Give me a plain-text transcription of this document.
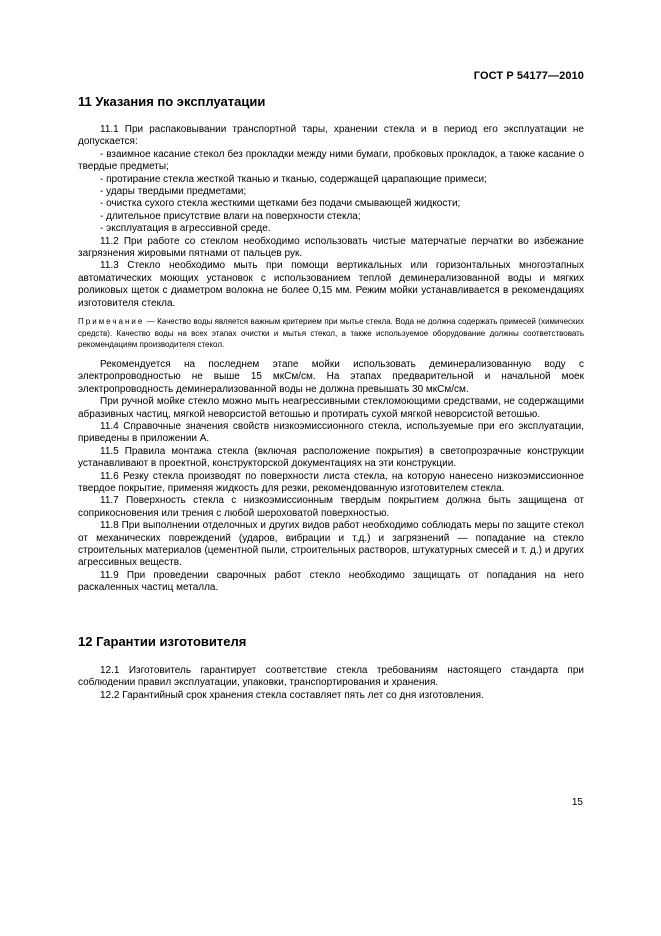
ГОСТ Р 54177—2010
11 Указания по эксплуатации

11.1 При распаковывании транспортной тары, хранении стекла и в период его эксплуатации не допускается:

- взаимное касание стекол без прокладки между ними бумаги, пробковых прокладок, а также касание о твердые предметы;

- протирание стекла жесткой тканью и тканью, содержащей царапающие примеси;

- удары твердыми предметами;

- очистка сухого стекла жесткими щетками без подачи смывающей жидкости;

- длительное присутствие влаги на поверхности стекла;

- эксплуатация в агрессивной среде.

11.2 При работе со стеклом необходимо использовать чистые матерчатые перчатки во избежание загрязнения жировыми пятнами от пальцев рук.

11.3 Стекло необходимо мыть при помощи вертикальных или горизонтальных многоэтапных автоматических моющих установок с использованием теплой деминерализованной воды и мягких роликовых щеток с диаметром волокна не более 0,15 мм. Режим мойки устанавливается в рекомендациях изготовителя стекла.

Примечание — Качество воды является важным критерием при мытье стекла. Вода не должна содержать примесей (химических средств). Качество воды на всех этапах очистки и мытья стекол, а также используемое оборудование должны соответствовать рекомендациям производителя стекол.

Рекомендуется на последнем этапе мойки использовать деминерализованную воду с электропроводностью не выше 15 мкСм/см. На этапах предварительной и начальной моек электропроводность деминерализованной воды не должна превышать 30 мкСм/см.

При ручной мойке стекло можно мыть неагрессивными стекломоющими средствами, не содержащими абразивных частиц, мягкой неворсистой ветошью и протирать сухой мягкой неворсистой ветошью.

11.4 Справочные значения свойств низкоэмиссионного стекла, используемые при его эксплуатации, приведены в приложении А.

11.5 Правила монтажа стекла (включая расположение покрытия) в светопрозрачные конструкции устанавливают в проектной, конструкторской документациях на эти конструкции.

11.6 Резку стекла производят по поверхности листа стекла, на которую нанесено низкоэмиссионное твердое покрытие, применяя жидкость для резки, рекомендованную изготовителем стекла.

11.7 Поверхность стекла с низкоэмиссионным твердым покрытием должна быть защищена от соприкосновения или трения с любой шероховатой поверхностью.

11.8 При выполнении отделочных и других видов работ необходимо соблюдать меры по защите стекол от механических повреждений (ударов, вибрации и т.д.) и загрязнений — попадание на стекло строительных материалов (цементной пыли, строительных растворов, штукатурных смесей и т. д.) и других агрессивных веществ.

11.9 При проведении сварочных работ стекло необходимо защищать от попадания на него раскаленных частиц металла.

12 Гарантии изготовителя

12.1 Изготовитель гарантирует соответствие стекла требованиям настоящего стандарта при соблюдении правил эксплуатации, упаковки, транспортирования и хранения.

12.2 Гарантийный срок хранения стекла составляет пять лет со дня изготовления.

15
